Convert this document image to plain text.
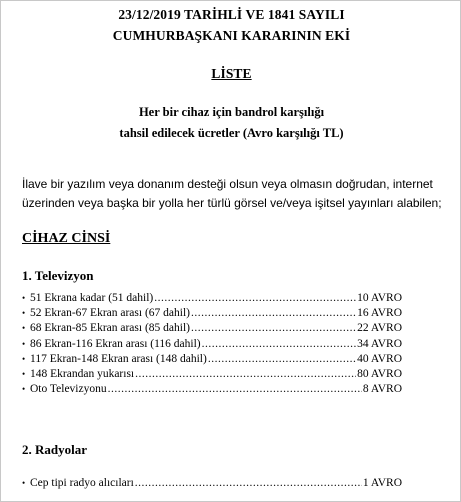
23/12/2019 TARİHLİ VE 1841 SAYILI
CUMHURBAŞKANI KARARININ EKİ
LİSTE
Her bir cihaz için bandrol karşılığı
tahsil edilecek ücretler (Avro karşılığı TL)
İlave bir yazılım veya donanım desteği olsun veya olmasın doğrudan, internet üzerinden veya başka bir yolla her türlü görsel ve/veya işitsel yayınları alabilen;
CİHAZ CİNSİ
1. Televizyon
• 51 Ekrana kadar (51 dahil) .....	10 AVRO
• 52 Ekran-67 Ekran arası (67 dahil) .....	16 AVRO
• 68 Ekran-85 Ekran arası (85 dahil) .....	22 AVRO
• 86 Ekran-116 Ekran arası (116 dahil) .....	34 AVRO
• 117 Ekran-148 Ekran arası (148 dahil) .....	40 AVRO
• 148 Ekrandan yukarısı .....	80 AVRO
• Oto Televizyonu .....	8 AVRO
2. Radyolar
• Cep tipi radyo alıcıları .....	1 AVRO
